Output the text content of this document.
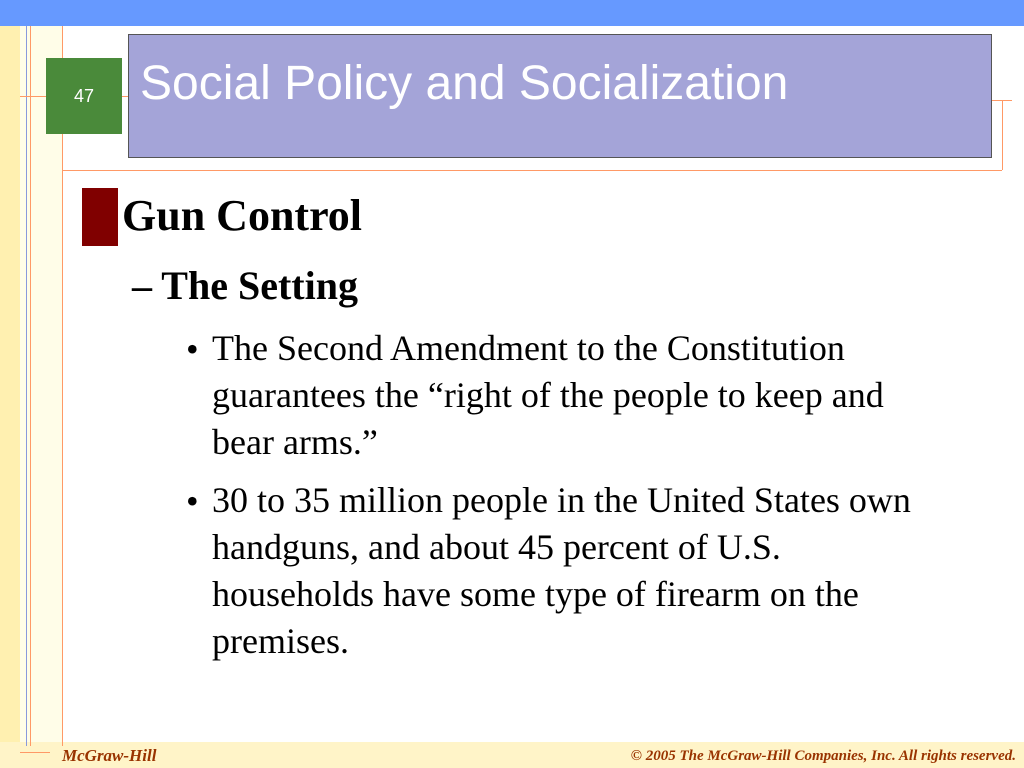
Social Policy and Socialization
47
Gun Control
– The Setting
• The Second Amendment to the Constitution
guarantees the “right of the people to keep and
bear arms.”
• 30 to 35 million people in the United States own
handguns, and about 45 percent of U.S.
households have some type of firearm on the
premises.
McGraw-Hill	© 2005 The McGraw-Hill Companies, Inc. All rights reserved.
